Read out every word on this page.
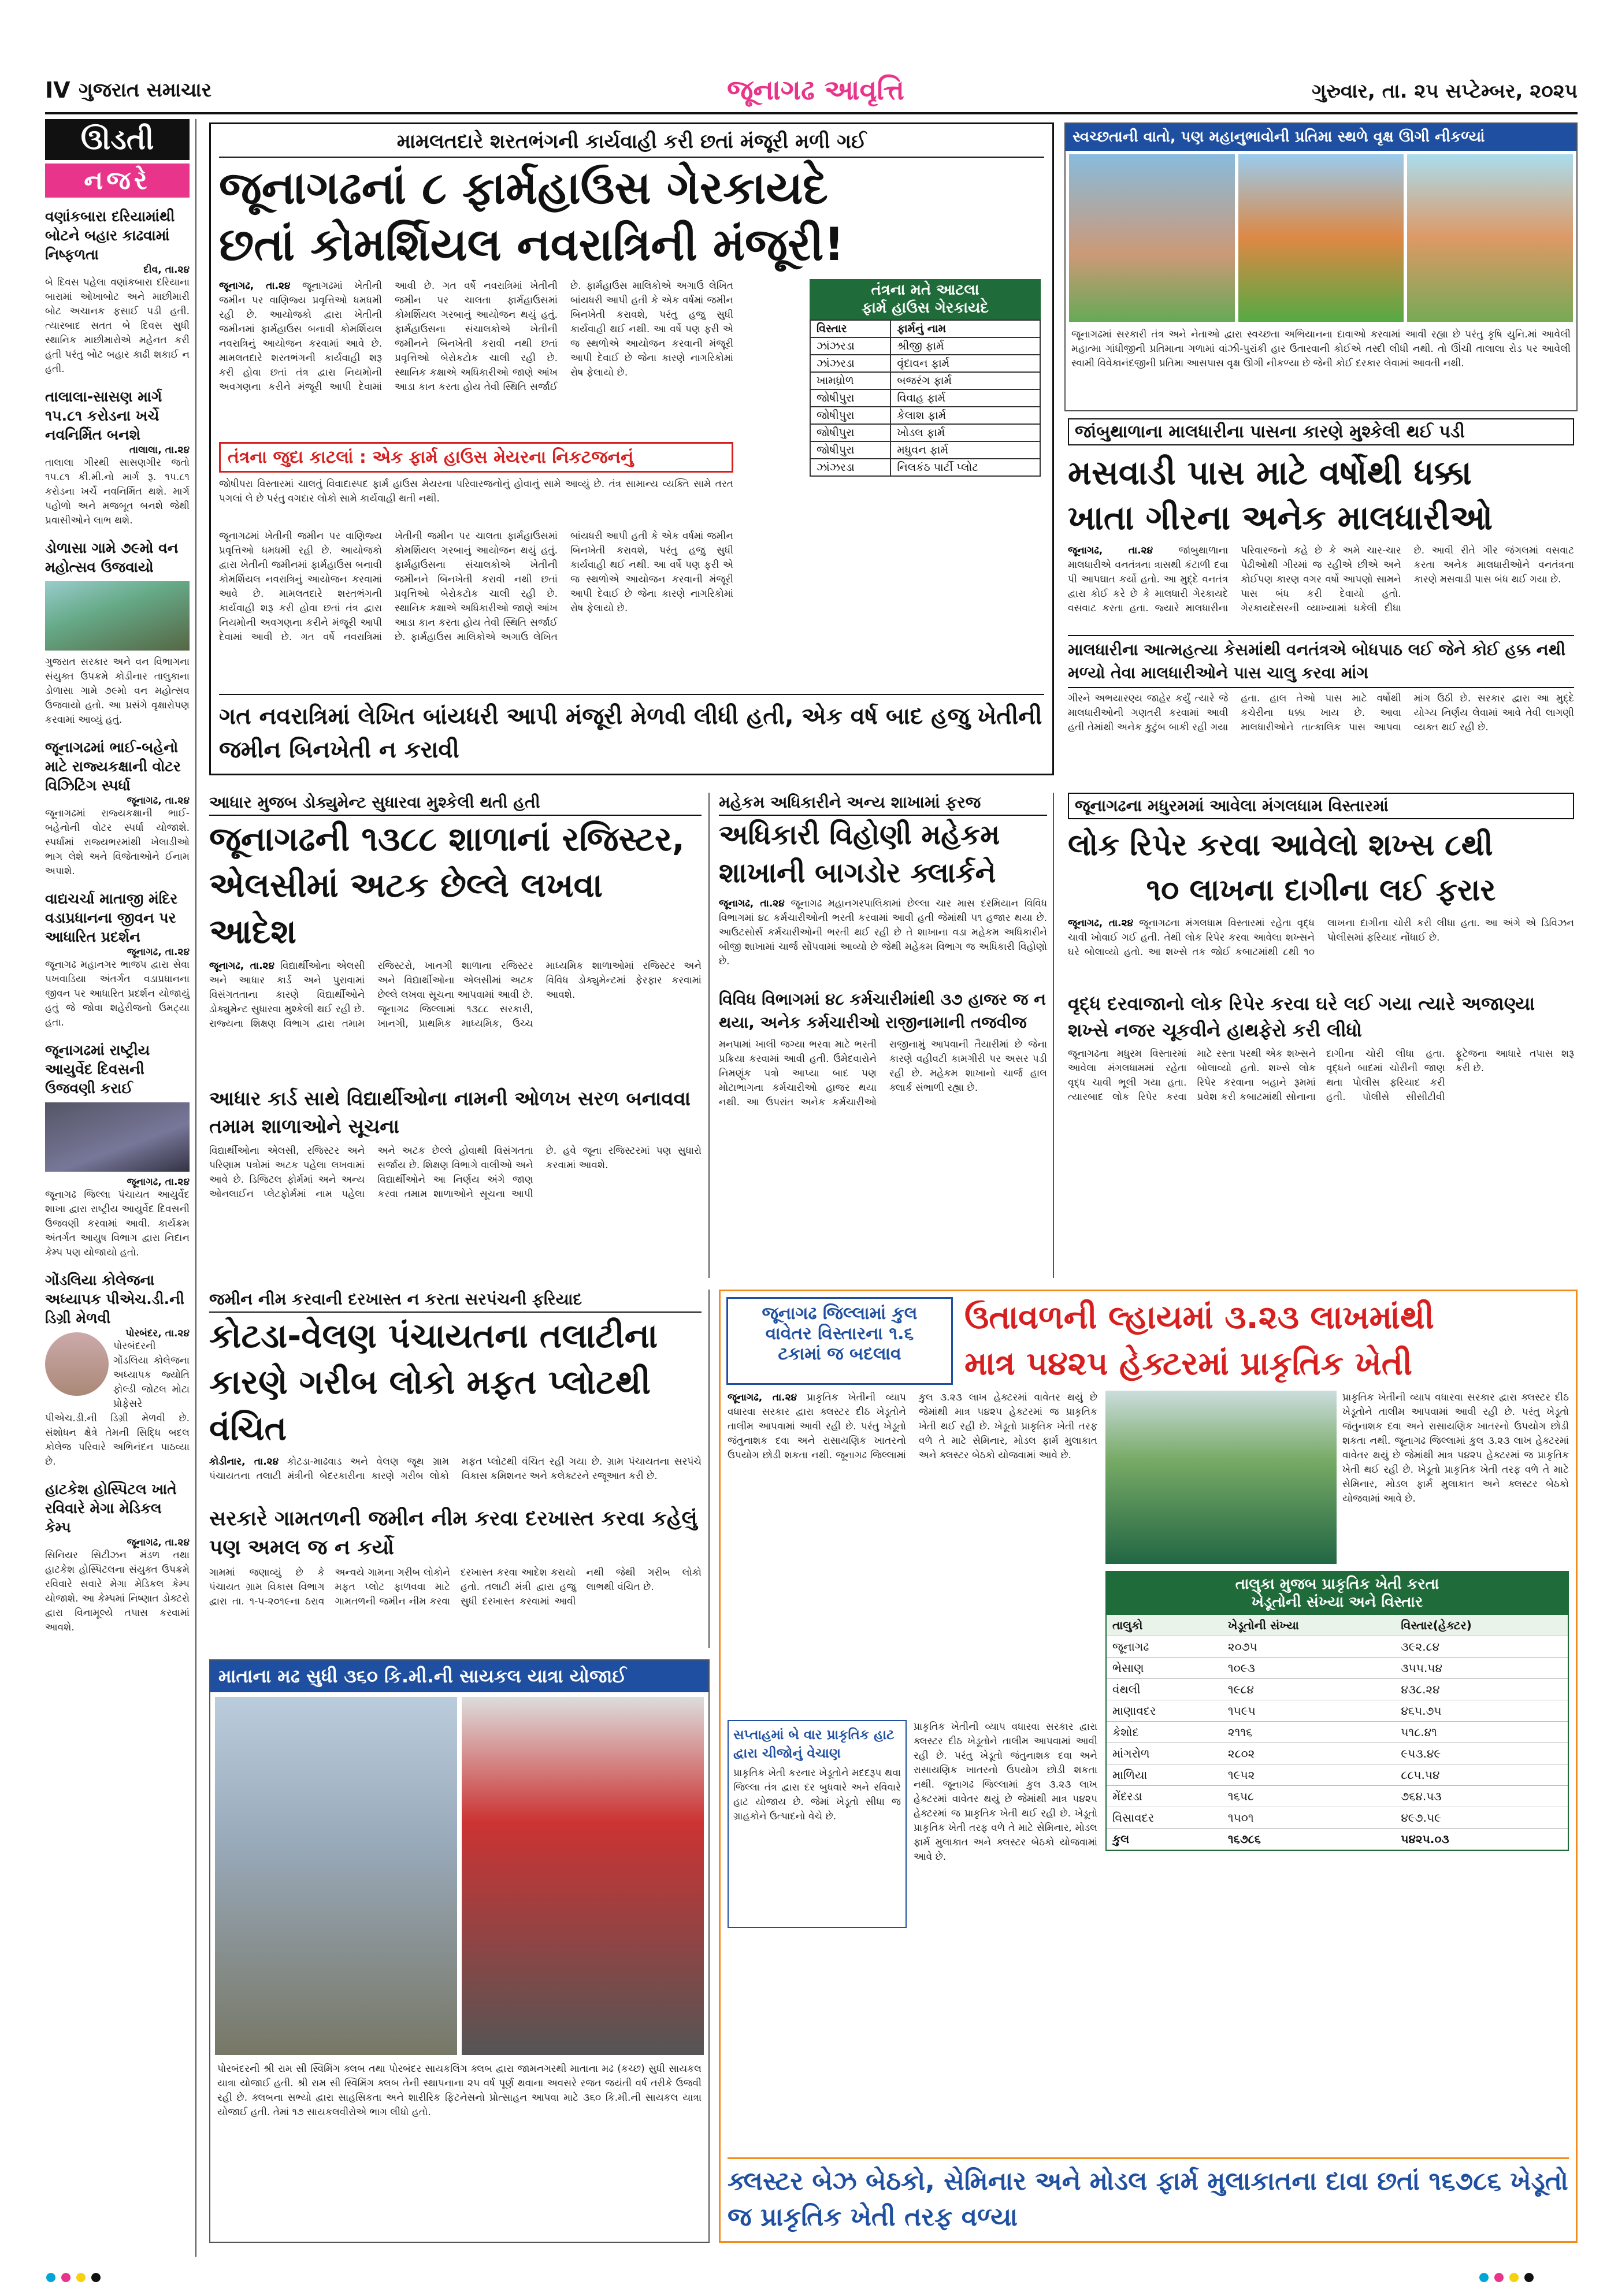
IV ગુજરાત સમાચાર	જૂનાગઢ આવૃત્તિ	ગુરુવાર, તા. ૨૫ સપ્ટેમ્બર, ૨૦૨૫
ઊડતી
નજરે
વણાંકબારા દરિયામાંથી બોટને બહાર કાઢવામાં નિષ્ફળતા
દીવ, તા.૨૪
બે દિવસ પહેલા વણાંકબારા દરિયાના બારામાં ઓખાબોટ અને માછીમારી બોટ અચાનક ફસાઈ પડી હતી. ત્યારબાદ સતત બે દિવસ સુધી સ્થાનિક માછીમારોએ મહેનત કરી હતી પરંતુ બોટ બહાર કાઢી શકાઈ ન હતી.
તાલાલા-સાસણ માર્ગ ૧૫.૮૧ કરોડના ખર્ચે નવનિર્મિત બનશે
તાલાલા, તા.૨૪
તાલાલા ગીરથી સાસણગીર જતો ૧૫.૮૧ કી.મી.નો માર્ગ રૂ. ૧૫.૮૧ કરોડના ખર્ચે નવનિર્મિત થશે. માર્ગ પહોળો અને મજબૂત બનશે જેથી પ્રવાસીઓને લાભ થશે.
ડોળાસા ગામે ૭૯મો વન મહોત્સવ ઉજવાયો
ગુજરાત સરકાર અને વન વિભાગના સંયુક્ત ઉપક્રમે કોડીનાર તાલુકાના ડોળાસા ગામે ૭૯મો વન મહોત્સવ ઉજવાયો હતો. આ પ્રસંગે વૃક્ષારોપણ કરવામાં આવ્યું હતું.
જૂનાગઢમાં ભાઈ-બહેનો માટે રાજ્યકક્ષાની વોટર વિઝિટિંગ સ્પર્ધા
જૂનાગઢ, તા.૨૪
જૂનાગઢમાં રાજ્યકક્ષાની ભાઈ-બહેનોની વોટર સ્પર્ધા યોજાશે. સ્પર્ધામાં રાજ્યભરમાંથી ખેલાડીઓ ભાગ લેશે અને વિજેતાઓને ઈનામ અપાશે.
વાદ્યચર્ચા માતાજી મંદિર વડાપ્રધાનના જીવન પર આધારિત પ્રદર્શન
જૂનાગઢ, તા.૨૪
જૂનાગઢ મહાનગર ભાજપ દ્વારા સેવા પખવાડિયા અંતર્ગત વડાપ્રધાનના જીવન પર આધારિત પ્રદર્શન યોજાયું હતું જે જોવા શહેરીજનો ઉમટ્યા હતા.
જૂનાગઢમાં રાષ્ટ્રીય આયુર્વેદ દિવસની ઉજવણી કરાઈ
જૂનાગઢ, તા.૨૪
જૂનાગઢ જિલ્લા પંચાયત આયુર્વેદ શાખા દ્વારા રાષ્ટ્રીય આયુર્વેદ દિવસની ઉજવણી કરવામાં આવી. કાર્યક્રમ અંતર્ગત આયુષ વિભાગ દ્વારા નિદાન કેમ્પ પણ યોજાયો હતો.
ગોંડલિયા કોલેજના અધ્યાપક પીએચ.ડી.ની ડિગ્રી મેળવી
પોરબંદર, તા.૨૪
પોરબંદરની ગોંડલિયા કોલેજના અધ્યાપક જ્યોતિ ફોલ્ડી જોટલ મોટા પ્રોફેસરે પીએચ.ડી.ની ડિગ્રી મેળવી છે. સંશોધન ક્ષેત્રે તેમની સિદ્ધિ બદલ કોલેજ પરિવારે અભિનંદન પાઠવ્યા છે.
હાટકેશ હોસ્પિટલ ખાતે રવિવારે મેગા મેડિકલ કેમ્પ
જૂનાગઢ, તા.૨૪
સિનિયર સિટીઝન મંડળ તથા હાટકેશ હોસ્પિટલના સંયુક્ત ઉપક્રમે રવિવારે સવારે મેગા મેડિકલ કેમ્પ યોજાશે. આ કેમ્પમાં નિષ્ણાત ડોક્ટરો દ્વારા વિનામૂલ્યે તપાસ કરવામાં આવશે.
મામલતદારે શરતભંગની કાર્યવાહી કરી છતાં મંજૂરી મળી ગઈ
જૂનાગઢનાં ૮ ફાર્મહાઉસ ગેરકાયદે
છતાં કોમર્શિયલ નવરાત્રિની મંજૂરી!
જૂનાગઢ, તા.૨૪ જૂનાગઢમાં ખેતીની જમીન પર વાણિજ્ય પ્રવૃત્તિઓ ધમધમી રહી છે. આયોજકો દ્વારા ખેતીની જમીનમાં ફાર્મહાઉસ બનાવી કોમર્શિયલ નવરાત્રિનું આયોજન કરવામાં આવે છે. મામલતદારે શરતભંગની કાર્યવાહી શરૂ કરી હોવા છતાં તંત્ર દ્વારા નિયમોની અવગણના કરીને મંજૂરી આપી દેવામાં આવી છે. ગત વર્ષે નવરાત્રિમાં ખેતીની જમીન પર ચાલતા ફાર્મહાઉસમાં કોમર્શિયલ ગરબાનું આયોજન થયું હતું. ફાર્મહાઉસના સંચાલકોએ ખેતીની જમીનને બિનખેતી કરાવી નથી છતાં પ્રવૃત્તિઓ બેરોકટોક ચાલી રહી છે. સ્થાનિક કક્ષાએ અધિકારીઓ જાણે આંખ આડા કાન કરતા હોય તેવી સ્થિતિ સર્જાઈ છે. ફાર્મહાઉસ માલિકોએ અગાઉ લેખિત બાંયધરી આપી હતી કે એક વર્ષમાં જમીન બિનખેતી કરાવશે, પરંતુ હજુ સુધી કાર્યવાહી થઈ નથી. આ વર્ષે પણ ફરી એ જ સ્થળોએ આયોજન કરવાની મંજૂરી આપી દેવાઈ છે જેના કારણે નાગરિકોમાં રોષ ફેલાયો છે.
તંત્રના જુદા કાટલાં : એક ફાર્મ હાઉસ મેયરના નિકટજનનું
જોષીપરા વિસ્તારમાં ચાલતું વિવાદાસ્પદ ફાર્મ હાઉસ મેયરના પરિવારજનોનું હોવાનું સામે આવ્યું છે. તંત્ર સામાન્ય વ્યક્તિ સામે તરત પગલાં લે છે પરંતુ વગદાર લોકો સામે કાર્યવાહી થતી નથી.
જૂનાગઢમાં ખેતીની જમીન પર વાણિજ્ય પ્રવૃત્તિઓ ધમધમી રહી છે. આયોજકો દ્વારા ખેતીની જમીનમાં ફાર્મહાઉસ બનાવી કોમર્શિયલ નવરાત્રિનું આયોજન કરવામાં આવે છે. મામલતદારે શરતભંગની કાર્યવાહી શરૂ કરી હોવા છતાં તંત્ર દ્વારા નિયમોની અવગણના કરીને મંજૂરી આપી દેવામાં આવી છે. ગત વર્ષે નવરાત્રિમાં ખેતીની જમીન પર ચાલતા ફાર્મહાઉસમાં કોમર્શિયલ ગરબાનું આયોજન થયું હતું. ફાર્મહાઉસના સંચાલકોએ ખેતીની જમીનને બિનખેતી કરાવી નથી છતાં પ્રવૃત્તિઓ બેરોકટોક ચાલી રહી છે. સ્થાનિક કક્ષાએ અધિકારીઓ જાણે આંખ આડા કાન કરતા હોય તેવી સ્થિતિ સર્જાઈ છે. ફાર્મહાઉસ માલિકોએ અગાઉ લેખિત બાંયધરી આપી હતી કે એક વર્ષમાં જમીન બિનખેતી કરાવશે, પરંતુ હજુ સુધી કાર્યવાહી થઈ નથી. આ વર્ષે પણ ફરી એ જ સ્થળોએ આયોજન કરવાની મંજૂરી આપી દેવાઈ છે જેના કારણે નાગરિકોમાં રોષ ફેલાયો છે.
તંત્રના મતે આટલા
ફાર્મ હાઉસ ગેરકાયદે
વિસ્તાર	ફાર્મનું નામ
ઝાંઝરડા	શ્રીજી ફાર્મ
ઝાંઝરડા	વૃંદાવન ફાર્મ
ખામધ્રોળ	બજરંગ ફાર્મ
જોષીપુરા	વિવાહ ફાર્મ
જોષીપુરા	કેલાશ ફાર્મ
જોષીપુરા	ખોડલ ફાર્મ
જોષીપુરા	મધુવન ફાર્મ
ઝાંઝરડા	નિલકંઠ પાર્ટી પ્લોટ
ગત નવરાત્રિમાં લેખિત બાંયધરી આપી મંજૂરી મેળવી લીધી હતી, એક વર્ષ બાદ હજુ ખેતીની જમીન બિનખેતી ન કરાવી
સ્વચ્છતાની વાતો, પણ મહાનુભાવોની પ્રતિમા સ્થળે વૃક્ષ ઊગી નીકળ્યાં
જૂનાગઢમાં સરકારી તંત્ર અને નેતાઓ દ્વારા સ્વચ્છતા અભિયાનના દાવાઓ કરવામાં આવી રહ્યા છે પરંતુ કૃષિ યુનિ.માં આવેલી મહાત્મા ગાંધીજીની પ્રતિમાના ગળામાં વાંઝી-પુરાંકી હાર ઉતારવાની કોઈએ તસ્દી લીધી નથી. તો ઊંચી તાલાલા રોડ પર આવેલી સ્વામી વિવેકાનંદજીની પ્રતિમા આસપાસ વૃક્ષ ઊગી નીકળ્યા છે જેની કોઈ દરકાર લેવામાં આવતી નથી.
જાંબુથાળાના માલધારીના પાસના કારણે મુશ્કેલી થઈ પડી
મસવાડી પાસ માટે વર્ષોથી ધક્કા
ખાતા ગીરના અનેક માલધારીઓ
જૂનાગઢ, તા.૨૪	જાંબુથાળાના માલધારીએ વનતંત્રના ત્રાસથી કંટાળી દવા પી આપઘાત કર્યો હતો. આ મુદ્દે વનતંત્ર દ્વારા કોઈ કરે છે કે માલધારી ગેરકાયદે વસવાટ કરતા હતા. જ્યારે માલધારીના પરિવારજનો કહે છે કે અમે ચાર-ચાર પેઢીઓથી ગીરમાં જ રહીએ છીએ અને કોઈપણ કારણ વગર વર્ષો આપણો સામને પાસ બંધ કરી દેવાયો હતો. ગેરકાયદેસરની વ્યાખ્યામાં ધકેલી દીધા છે. આવી રીતે ગીર જંગલમાં વસવાટ કરતા અનેક માલધારીઓને વનતંત્રના કારણે મસવાડી પાસ બંધ થઈ ગયા છે.
માલધારીના આત્મહત્યા કેસમાંથી વનતંત્રએ બોધપાઠ લઈ જેને કોઈ હક્ક નથી મળ્યો તેવા માલધારીઓને પાસ ચાલુ કરવા માંગ
ગીરને અભયારણ્ય જાહેર કર્યું ત્યારે જે માલધારીઓની ગણતરી કરવામાં આવી હતી તેમાંથી અનેક કુટુંબ બાકી રહી ગયા હતા. હાલ તેઓ પાસ માટે વર્ષોથી કચેરીના ધક્કા ખાય છે. આવા માલધારીઓને તાત્કાલિક પાસ આપવા માંગ ઉઠી છે. સરકાર દ્વારા આ મુદ્દે યોગ્ય નિર્ણય લેવામાં આવે તેવી લાગણી વ્યક્ત થઈ રહી છે.
આધાર મુજબ ડોક્યુમેન્ટ સુધારવા મુશ્કેલી થતી હતી
જૂનાગઢની ૧૩૮૮ શાળાનાં રજિસ્ટર,
એલસીમાં અટક છેલ્લે લખવા આદેશ
જૂનાગઢ, તા.૨૪ વિદ્યાર્થીઓના એલસી અને આધાર કાર્ડ અને પુરાવામાં વિસંગતતાના કારણે વિદ્યાર્થીઓને ડોક્યુમેન્ટ સુધારવા મુશ્કેલી થઈ રહી છે. રાજ્યના શિક્ષણ વિભાગ દ્વારા તમામ રજિસ્ટરો, ખાનગી શાળાના રજિસ્ટર અને વિદ્યાર્થીઓના એલસીમાં અટક છેલ્લે લખવા સૂચના આપવામાં આવી છે. જૂનાગઢ જિલ્લામાં ૧૩૮૮ સરકારી, ખાનગી, પ્રાથમિક માધ્યમિક, ઉચ્ચ માધ્યમિક શાળાઓમાં રજિસ્ટર અને વિવિધ ડોક્યુમેન્ટમાં ફેરફાર કરવામાં આવશે.
આધાર કાર્ડ સાથે વિદ્યાર્થીઓના નામની ઓળખ સરળ બનાવવા તમામ શાળાઓને સૂચના
વિદ્યાર્થીઓના એલસી, રજિસ્ટર અને પરિણામ પત્રોમાં અટક પહેલા લખવામાં આવે છે. ડિજિટલ ફોર્મમાં અને અન્ય ઓનલાઈન પ્લેટફોર્મમાં નામ પહેલા અને અટક છેલ્લે હોવાથી વિસંગતતા સર્જાય છે. શિક્ષણ વિભાગે વાલીઓ અને વિદ્યાર્થીઓને આ નિર્ણય અંગે જાણ કરવા તમામ શાળાઓને સૂચના આપી છે. હવે જૂના રજિસ્ટરમાં પણ સુધારો કરવામાં આવશે.
મહેકમ અધિકારીને અન્ય શાખામાં ફરજ
અધિકારી વિહોણી મહેકમ
શાખાની બાગડોર ક્લાર્કને
જૂનાગઢ, તા.૨૪ જૂનાગઢ મહાનગરપાલિકામાં છેલ્લા ચાર માસ દરમિયાન વિવિધ વિભાગમાં ૪૮ કર્મચારીઓની ભરતી કરવામાં આવી હતી જેમાંથી ૫૧ હજાર થયા છે. આઉટસોર્સ કર્મચારીઓની ભરતી થઈ રહી છે તે શાખાના વડા મહેકમ અધિકારીને બીજી શાખામાં ચાર્જ સોંપવામાં આવ્યો છે જેથી મહેકમ વિભાગ જ અધિકારી વિહોણો છે.
વિવિધ વિભાગમાં ૪૮ કર્મચારીમાંથી ૩૭ હાજર જ ન થયા, અનેક કર્મચારીઓ રાજીનામાની તજવીજ
મનપામાં ખાલી જગ્યા ભરવા માટે ભરતી પ્રક્રિયા કરવામાં આવી હતી. ઉમેદવારોને નિમણૂંક પત્રો આપ્યા બાદ પણ મોટાભાગના કર્મચારીઓ હાજર થયા નથી. આ ઉપરાંત અનેક કર્મચારીઓ રાજીનામું આપવાની તૈયારીમાં છે જેના કારણે વહીવટી કામગીરી પર અસર પડી રહી છે. મહેકમ શાખાનો ચાર્જ હાલ ક્લાર્ક સંભાળી રહ્યા છે.
જૂનાગઢના મધુરમમાં આવેલા મંગલધામ વિસ્તારમાં
લોક રિપેર કરવા આવેલો શખ્સ ૮થી
૧૦ લાખના દાગીના લઈ ફરાર
જૂનાગઢ, તા.૨૪ જૂનાગઢના મંગલધામ વિસ્તારમાં રહેતા વૃદ્ધ ચાવી ખોવાઈ ગઈ હતી. તેથી લોક રિપેર કરવા આવેલા શખ્સને ઘરે બોલાવ્યો હતો. આ શખ્સે તક જોઈ કબાટમાંથી ૮થી ૧૦ લાખના દાગીના ચોરી કરી લીધા હતા. આ અંગે એ ડિવિઝન પોલીસમાં ફરિયાદ નોંધાઈ છે.
વૃદ્ધ દરવાજાનો લોક રિપેર કરવા ઘરે લઈ ગયા ત્યારે અજાણ્યા શખ્સે નજર ચૂકવીને હાથફેરો કરી લીધો
જૂનાગઢના મધુરમ વિસ્તારમાં આવેલા મંગલધામમાં રહેતા વૃદ્ધ ચાવી ભૂલી ગયા હતા. ત્યારબાદ લોક રિપેર કરવા માટે રસ્તા પરથી એક શખ્સને બોલાવ્યો હતો. શખ્સે લોક રિપેર કરવાના બહાને રૂમમાં પ્રવેશ કરી કબાટમાંથી સોનાના દાગીના ચોરી લીધા હતા. વૃદ્ધને બાદમાં ચોરીની જાણ થતા પોલીસ ફરિયાદ કરી હતી. પોલીસે સીસીટીવી ફૂટેજના આધારે તપાસ શરૂ કરી છે.
જમીન નીમ કરવાની દરખાસ્ત ન કરતા સરપંચની ફરિયાદ
કોટડા-વેલણ પંચાયતના તલાટીના
કારણે ગરીબ લોકો મફત પ્લોટથી વંચિત
કોડીનાર, તા.૨૪ કોટડા-માઢવાડ અને વેલણ જૂથ ગ્રામ પંચાયતના તલાટી મંત્રીની બેદરકારીના કારણે ગરીબ લોકો મફત પ્લોટથી વંચિત રહી ગયા છે. ગ્રામ પંચાયતના સરપંચે વિકાસ કમિશનર અને કલેક્ટરને રજૂઆત કરી છે.
સરકારે ગામતળની જમીન નીમ કરવા દરખાસ્ત કરવા કહેલું પણ અમલ જ ન કર્યો
ગામમાં જણાવ્યું છે કે પંચાયત ગ્રામ વિકાસ વિભાગ દ્વારા તા. ૧-૫-૨૦૧૯ના ઠરાવ અન્વયે ગામના ગરીબ લોકોને મફત પ્લોટ ફાળવવા માટે ગામતળની જમીન નીમ કરવા દરખાસ્ત કરવા આદેશ કરાયો હતો. તલાટી મંત્રી દ્વારા હજુ સુધી દરખાસ્ત કરવામાં આવી નથી જેથી ગરીબ લોકો લાભથી વંચિત છે.
માતાના મઢ સુધી ૩૬૦ કિ.મી.ની સાયકલ યાત્રા યોજાઈ
પોરબંદરની શ્રી રામ સી સ્વિમિંગ ક્લબ તથા પોરબંદર સાયકલિંગ ક્લબ દ્વારા જામનગરથી માતાના મઢ (કચ્છ) સુધી સાયકલ યાત્રા યોજાઈ હતી. શ્રી રામ સી સ્વિમિંગ ક્લબ તેની સ્થાપનાના ૨૫ વર્ષ પૂર્ણ થવાના અવસરે રજત જયંતી વર્ષ તરીકે ઉજવી રહી છે. ક્લબના સભ્યો દ્વારા સાહસિકતા અને શારીરિક ફિટનેસનો પ્રોત્સાહન આપવા માટે ૩૬૦ કિ.મી.ની સાયકલ યાત્રા યોજાઈ હતી. તેમાં ૧૭ સાયકલવીરોએ ભાગ લીધો હતો.
જૂનાગઢ જિલ્લામાં કુલ
વાવેતર વિસ્તારના ૧.૬
ટકામાં જ બદલાવ
ઉતાવળની લ્હાયમાં ૩.૨૩ લાખમાંથી
માત્ર ૫૪૨૫ હેક્ટરમાં પ્રાકૃતિક ખેતી
જૂનાગઢ, તા.૨૪ પ્રાકૃતિક ખેતીની વ્યાપ વધારવા સરકાર દ્વારા ક્લસ્ટર દીઠ ખેડૂતોને તાલીમ આપવામાં આવી રહી છે. પરંતુ ખેડૂતો જંતુનાશક દવા અને રાસાયણિક ખાતરનો ઉપયોગ છોડી શકતા નથી. જૂનાગઢ જિલ્લામાં કુલ ૩.૨૩ લાખ હેક્ટરમાં વાવેતર થયું છે જેમાંથી માત્ર ૫૪૨૫ હેક્ટરમાં જ પ્રાકૃતિક ખેતી થઈ રહી છે. ખેડૂતો પ્રાકૃતિક ખેતી તરફ વળે તે માટે સેમિનાર, મોડલ ફાર્મ મુલાકાત અને ક્લસ્ટર બેઠકો યોજવામાં આવે છે.
સપ્તાહમાં બે વાર પ્રાકૃતિક હાટ દ્વારા ચીજોનું વેચાણ
પ્રાકૃતિક ખેતી કરનાર ખેડૂતોને મદદરૂપ થવા જિલ્લા તંત્ર દ્વારા દર બુધવારે અને રવિવારે હાટ યોજાય છે. જેમાં ખેડૂતો સીધા જ ગ્રાહકોને ઉત્પાદનો વેચે છે.
પ્રાકૃતિક ખેતીની વ્યાપ વધારવા સરકાર દ્વારા ક્લસ્ટર દીઠ ખેડૂતોને તાલીમ આપવામાં આવી રહી છે. પરંતુ ખેડૂતો જંતુનાશક દવા અને રાસાયણિક ખાતરનો ઉપયોગ છોડી શકતા નથી. જૂનાગઢ જિલ્લામાં કુલ ૩.૨૩ લાખ હેક્ટરમાં વાવેતર થયું છે જેમાંથી માત્ર ૫૪૨૫ હેક્ટરમાં જ પ્રાકૃતિક ખેતી થઈ રહી છે. ખેડૂતો પ્રાકૃતિક ખેતી તરફ વળે તે માટે સેમિનાર, મોડલ ફાર્મ મુલાકાત અને ક્લસ્ટર બેઠકો યોજવામાં આવે છે.
પ્રાકૃતિક ખેતીની વ્યાપ વધારવા સરકાર દ્વારા ક્લસ્ટર દીઠ ખેડૂતોને તાલીમ આપવામાં આવી રહી છે. પરંતુ ખેડૂતો જંતુનાશક દવા અને રાસાયણિક ખાતરનો ઉપયોગ છોડી શકતા નથી. જૂનાગઢ જિલ્લામાં કુલ ૩.૨૩ લાખ હેક્ટરમાં વાવેતર થયું છે જેમાંથી માત્ર ૫૪૨૫ હેક્ટરમાં જ પ્રાકૃતિક ખેતી થઈ રહી છે. ખેડૂતો પ્રાકૃતિક ખેતી તરફ વળે તે માટે સેમિનાર, મોડલ ફાર્મ મુલાકાત અને ક્લસ્ટર બેઠકો યોજવામાં આવે છે.
તાલુકા મુજબ પ્રાકૃતિક ખેતી કરતા
ખેડૂતોની સંખ્યા અને વિસ્તાર
તાલુકો	ખેડૂતોની સંખ્યા	વિસ્તાર(હેક્ટર)
જૂનાગઢ	૨૦૭૫	૩૯૨.૮૪
ભેસાણ	૧૦૯૩	૩૫૫.૫૪
વંથલી	૧૯૮૪	૪૩૮.૨૪
માણાવદર	૧૫૯૫	૪૬૫.૭૫
કેશોદ	૨૧૧૬	૫૧૮.૪૧
માંગરોળ	૨૮૦૨	૯૫૩.૪૯
માળિયા	૧૯૫૨	૮૮૫.૫૪
મેંદરડા	૧૬૫૮	૭૬૪.૫૩
વિસાવદર	૧૫૦૧	૪૯૭.૫૯
કુલ	૧૬૭૮૬	૫૪૨૫.૦૩
ક્લસ્ટર બેઝ બેઠકો, સેમિનાર અને મોડલ ફાર્મ મુલાકાતના દાવા છતાં ૧૬૭૮૬ ખેડૂતો જ પ્રાકૃતિક ખેતી તરફ વળ્યા
